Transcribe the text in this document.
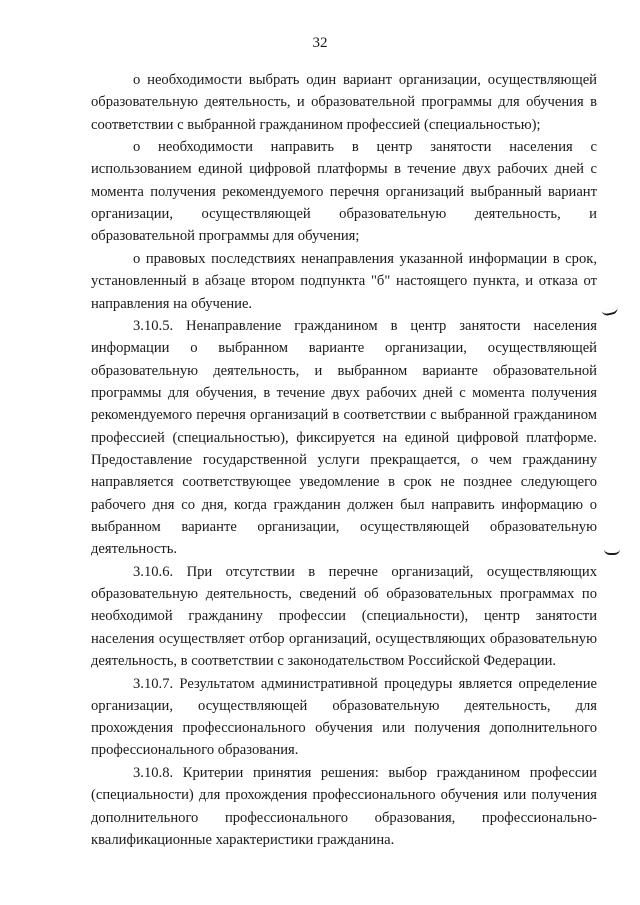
32

о необходимости выбрать один вариант организации, осуществляющей образовательную деятельность, и образовательной программы для обучения в соответствии с выбранной гражданином профессией (специальностью);

о необходимости направить в центр занятости населения с использованием единой цифровой платформы в течение двух рабочих дней с момента получения рекомендуемого перечня организаций выбранный вариант организации, осуществляющей образовательную деятельность, и образовательной программы для обучения;

о правовых последствиях ненаправления указанной информации в срок, установленный в абзаце втором подпункта "б" настоящего пункта, и отказа от направления на обучение.

3.10.5. Ненаправление гражданином в центр занятости населения информации о выбранном варианте организации, осуществляющей образовательную деятельность, и выбранном варианте образовательной программы для обучения, в течение двух рабочих дней с момента получения рекомендуемого перечня организаций в соответствии с выбранной гражданином профессией (специальностью), фиксируется на единой цифровой платформе. Предоставление государственной услуги прекращается, о чем гражданину направляется соответствующее уведомление в срок не позднее следующего рабочего дня со дня, когда гражданин должен был направить информацию о выбранном варианте организации, осуществляющей образовательную деятельность.

3.10.6. При отсутствии в перечне организаций, осуществляющих образовательную деятельность, сведений об образовательных программах по необходимой гражданину профессии (специальности), центр занятости населения осуществляет отбор организаций, осуществляющих образовательную деятельность, в соответствии с законодательством Российской Федерации.

3.10.7. Результатом административной процедуры является определение организации, осуществляющей образовательную деятельность, для прохождения профессионального обучения или получения дополнительного профессионального образования.

3.10.8. Критерии принятия решения: выбор гражданином профессии (специальности) для прохождения профессионального обучения или получения дополнительного профессионального образования, профессионально-квалификационные характеристики гражданина.
